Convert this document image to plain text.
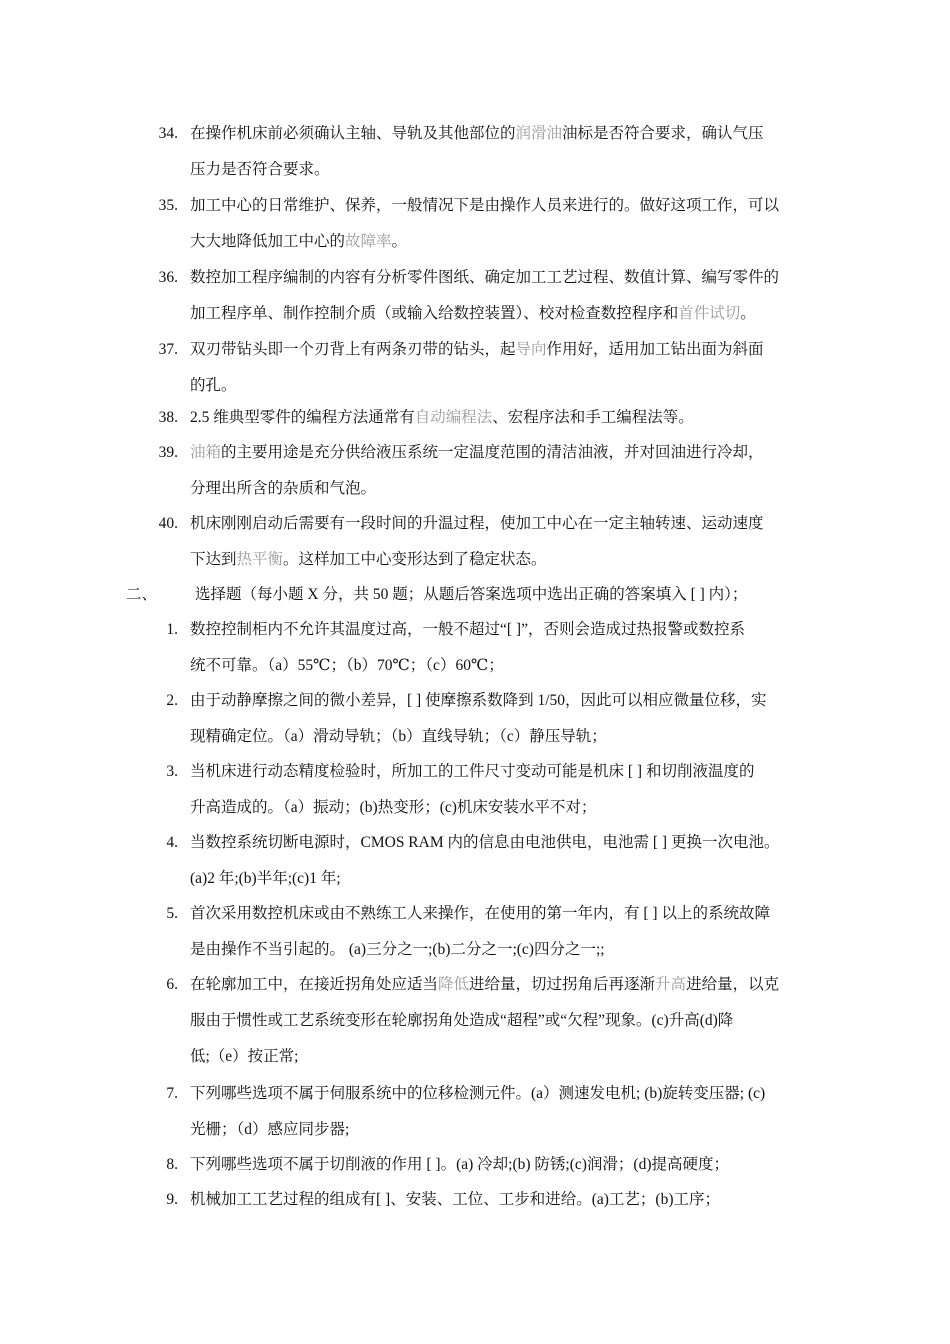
34. 在操作机床前必须确认主轴、导轨及其他部位的润滑油油标是否符合要求，确认气压
压力是否符合要求。
35. 加工中心的日常维护、保养，一般情况下是由操作人员来进行的。做好这项工作，可以
大大地降低加工中心的故障率。
36. 数控加工程序编制的内容有分析零件图纸、确定加工工艺过程、数值计算、编写零件的
加工程序单、制作控制介质（或输入给数控装置）、校对检查数控程序和首件试切。
37. 双刃带钻头即一个刃背上有两条刃带的钻头，起导向作用好，适用加工钻出面为斜面
的孔。
38. 2.5 维典型零件的编程方法通常有自动编程法、宏程序法和手工编程法等。
39. 油箱的主要用途是充分供给液压系统一定温度范围的清洁油液，并对回油进行冷却，
分理出所含的杂质和气泡。
40. 机床刚刚启动后需要有一段时间的升温过程，使加工中心在一定主轴转速、运动速度
下达到热平衡。这样加工中心变形达到了稳定状态。
二、 选择题（每小题 X 分，共 50 题；从题后答案选项中选出正确的答案填入 [ ] 内）；
1. 数控控制柜内不允许其温度过高，一般不超过“[ ]”，否则会造成过热报警或数控系
统不可靠。（a）55℃；（b）70℃；（c）60℃；
2. 由于动静摩擦之间的微小差异，[ ] 使摩擦系数降到 1/50，因此可以相应微量位移，实
现精确定位。（a）滑动导轨；（b）直线导轨；（c）静压导轨；
3. 当机床进行动态精度检验时，所加工的工件尺寸变动可能是机床 [ ] 和切削液温度的
升高造成的。（a）振动；(b)热变形；(c)机床安装水平不对；
4. 当数控系统切断电源时，CMOS RAM 内的信息由电池供电，电池需 [ ] 更换一次电池。
(a)2 年;(b)半年;(c)1 年;
5. 首次采用数控机床或由不熟练工人来操作，在使用的第一年内，有 [ ] 以上的系统故障
是由操作不当引起的。 (a)三分之一;(b)二分之一;(c)四分之一;;
6. 在轮廓加工中，在接近拐角处应适当降低进给量，切过拐角后再逐渐升高进给量，以克
服由于惯性或工艺系统变形在轮廓拐角处造成“超程”或“欠程”现象。(c)升高(d)降
低;（e）按正常;
7. 下列哪些选项不属于伺服系统中的位移检测元件。(a）测速发电机; (b)旋转变压器; (c)
光栅；（d）感应同步器;
8. 下列哪些选项不属于切削液的作用 [ ]。(a) 冷却;(b) 防锈;(c)润滑；(d)提高硬度；
9. 机械加工工艺过程的组成有[ ]、安装、工位、工步和进给。(a)工艺；(b)工序；
